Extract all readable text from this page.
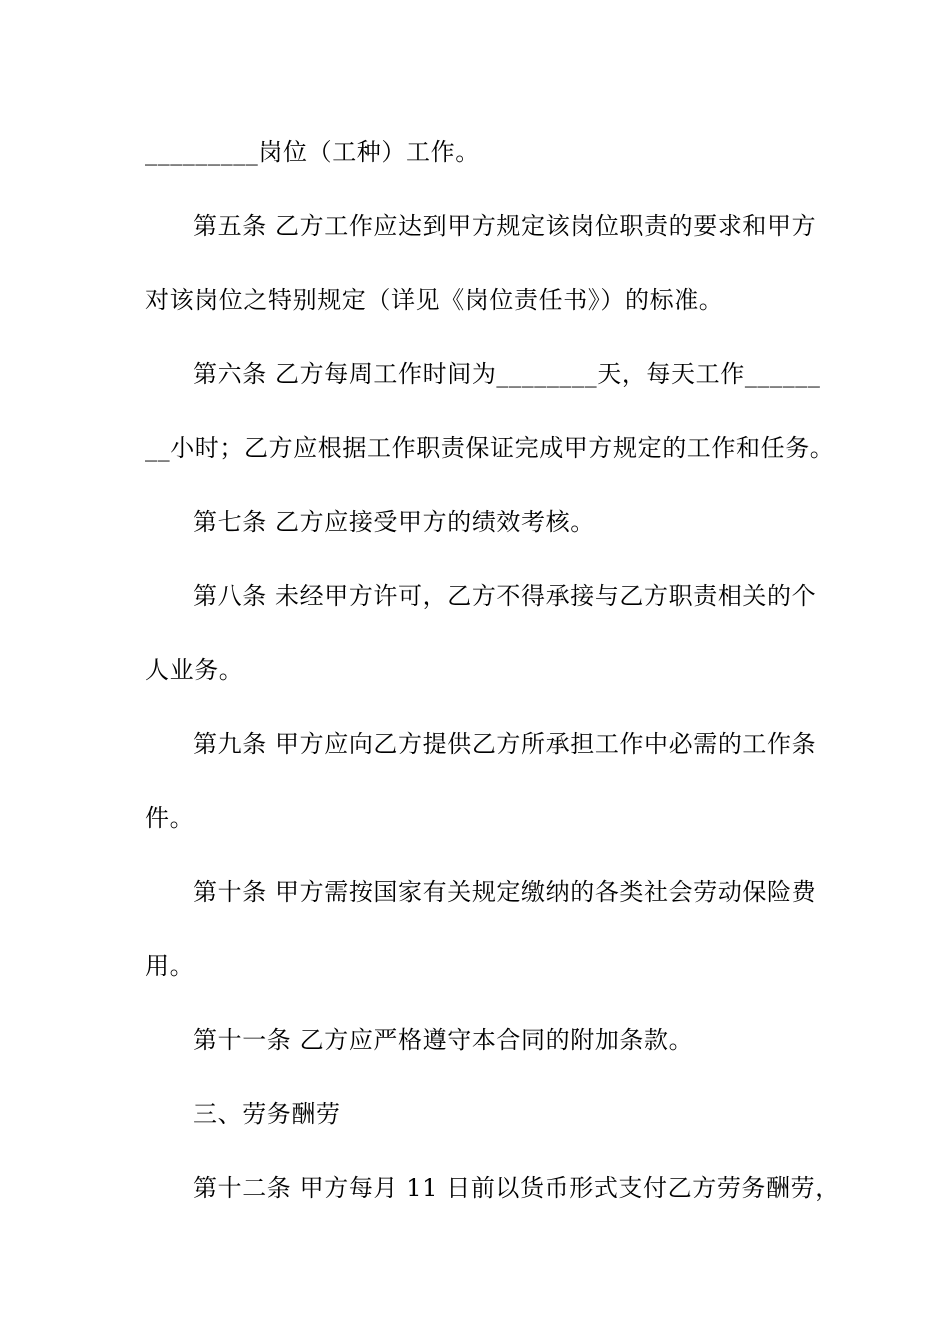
_________岗位（工种）工作。
第五条 乙方工作应达到甲方规定该岗位职责的要求和甲方
对该岗位之特别规定（详见《岗位责任书》）的标准。
第六条 乙方每周工作时间为________天，每天工作______
__小时；乙方应根据工作职责保证完成甲方规定的工作和任务。
第七条 乙方应接受甲方的绩效考核。
第八条 未经甲方许可，乙方不得承接与乙方职责相关的个
人业务。
第九条 甲方应向乙方提供乙方所承担工作中必需的工作条
件。
第十条 甲方需按国家有关规定缴纳的各类社会劳动保险费
用。
第十一条 乙方应严格遵守本合同的附加条款。
三、劳务酬劳
第十二条 甲方每月 11 日前以货币形式支付乙方劳务酬劳，
